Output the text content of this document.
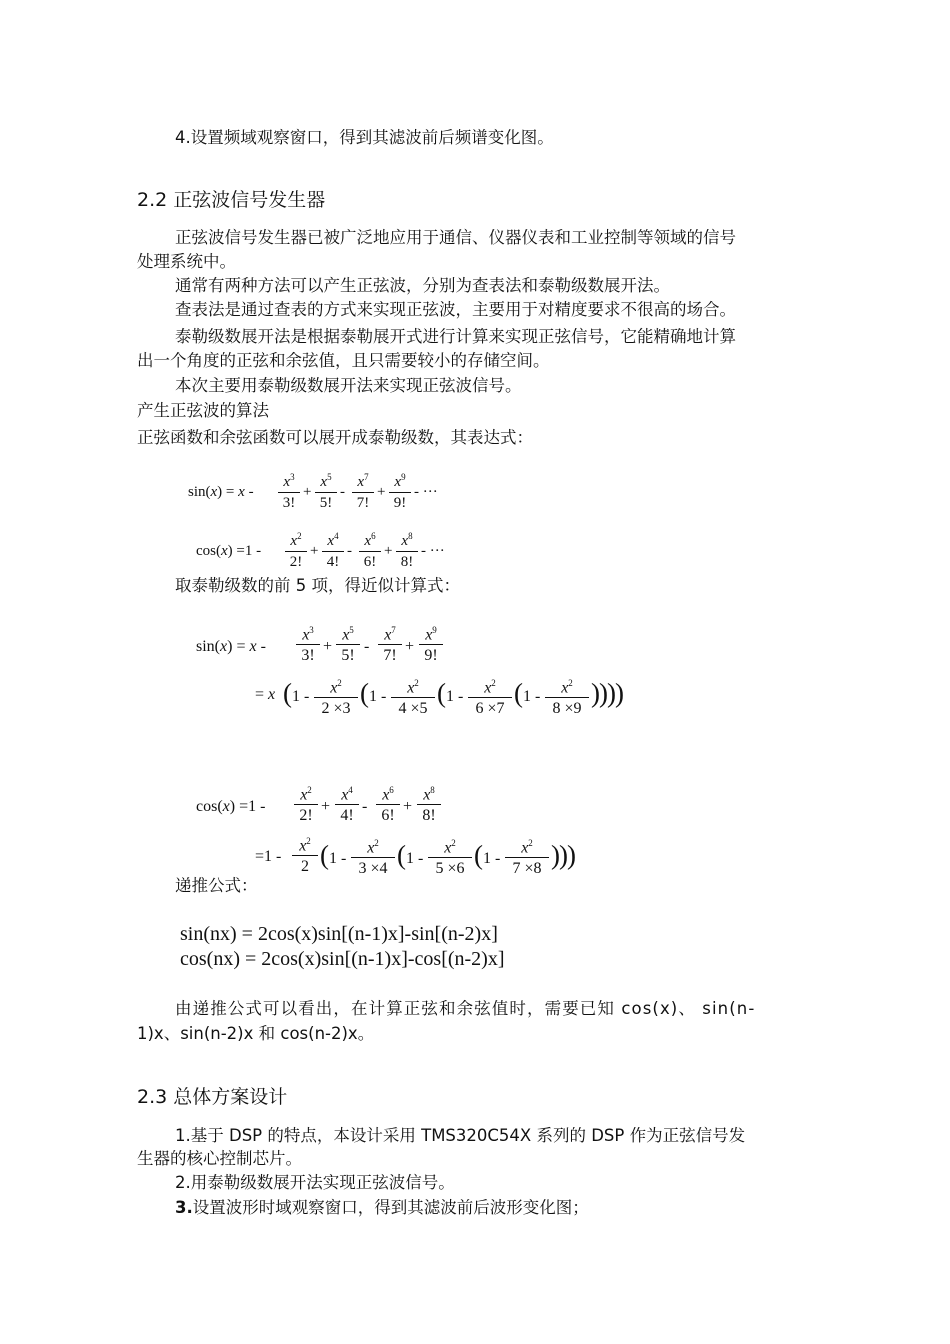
4.设置频域观察窗口，得到其滤波前后频谱变化图。
2.2 正弦波信号发生器
正弦波信号发生器已被广泛地应用于通信、仪器仪表和工业控制等领域的信号
处理系统中。
通常有两种方法可以产生正弦波，分别为查表法和泰勒级数展开法。
查表法是通过查表的方式来实现正弦波，主要用于对精度要求不很高的场合。
泰勒级数展开法是根据泰勒展开式进行计算来实现正弦信号，它能精确地计算
出一个角度的正弦和余弦值，且只需要较小的存储空间。
本次主要用泰勒级数展开法来实现正弦波信号。
产生正弦波的算法
正弦函数和余弦函数可以展开成泰勒级数，其表达式：
sin(x) = x -
$x^3$
3!
+
$x^5$
5!
-
$x^7$
7!
+
$x^9$
9!
- ···
cos(x) =1 -
$x^2$
2!
+
$x^4$
4!
-
$x^6$
6!
+
$x^8$
8!
- ···
取泰勒级数的前 5 项，得近似计算式：
sin(x) = x -
$x^3$
3!
+
$x^5$
5!
-
$x^7$
7!
+
$x^9$
9!
= x ( 1 -
$x^2$
2 ×3
( 1 -
$x^2$
4 ×5
( 1 -
$x^2$
6 ×7
( 1 -
$x^2$
8 ×9
))))
cos(x) =1 -
$x^2$
2!
+
$x^4$
4!
-
$x^6$
6!
+
$x^8$
8!
=1 -
$x^2$
2 ( 1 -
$x^2$
3 ×4 ( 1 -
$x^2$
5 ×6 ( 1 -
$x^2$
7 ×8 )))
递推公式：
sin(nx) = 2cos(x)sin[(n-1)x]-sin[(n-2)x]
cos(nx) = 2cos(x)sin[(n-1)x]-cos[(n-2)x]
由递推公式可以看出，在计算正弦和余弦值时，需要已知 cos(x)、 sin(n-
1)x、sin(n-2)x 和 cos(n-2)x。
2.3 总体方案设计
1.基于 DSP 的特点，本设计采用 TMS320C54X 系列的 DSP 作为正弦信号发
生器的核心控制芯片。
2.用泰勒级数展开法实现正弦波信号。
3.设置波形时域观察窗口，得到其滤波前后波形变化图；
